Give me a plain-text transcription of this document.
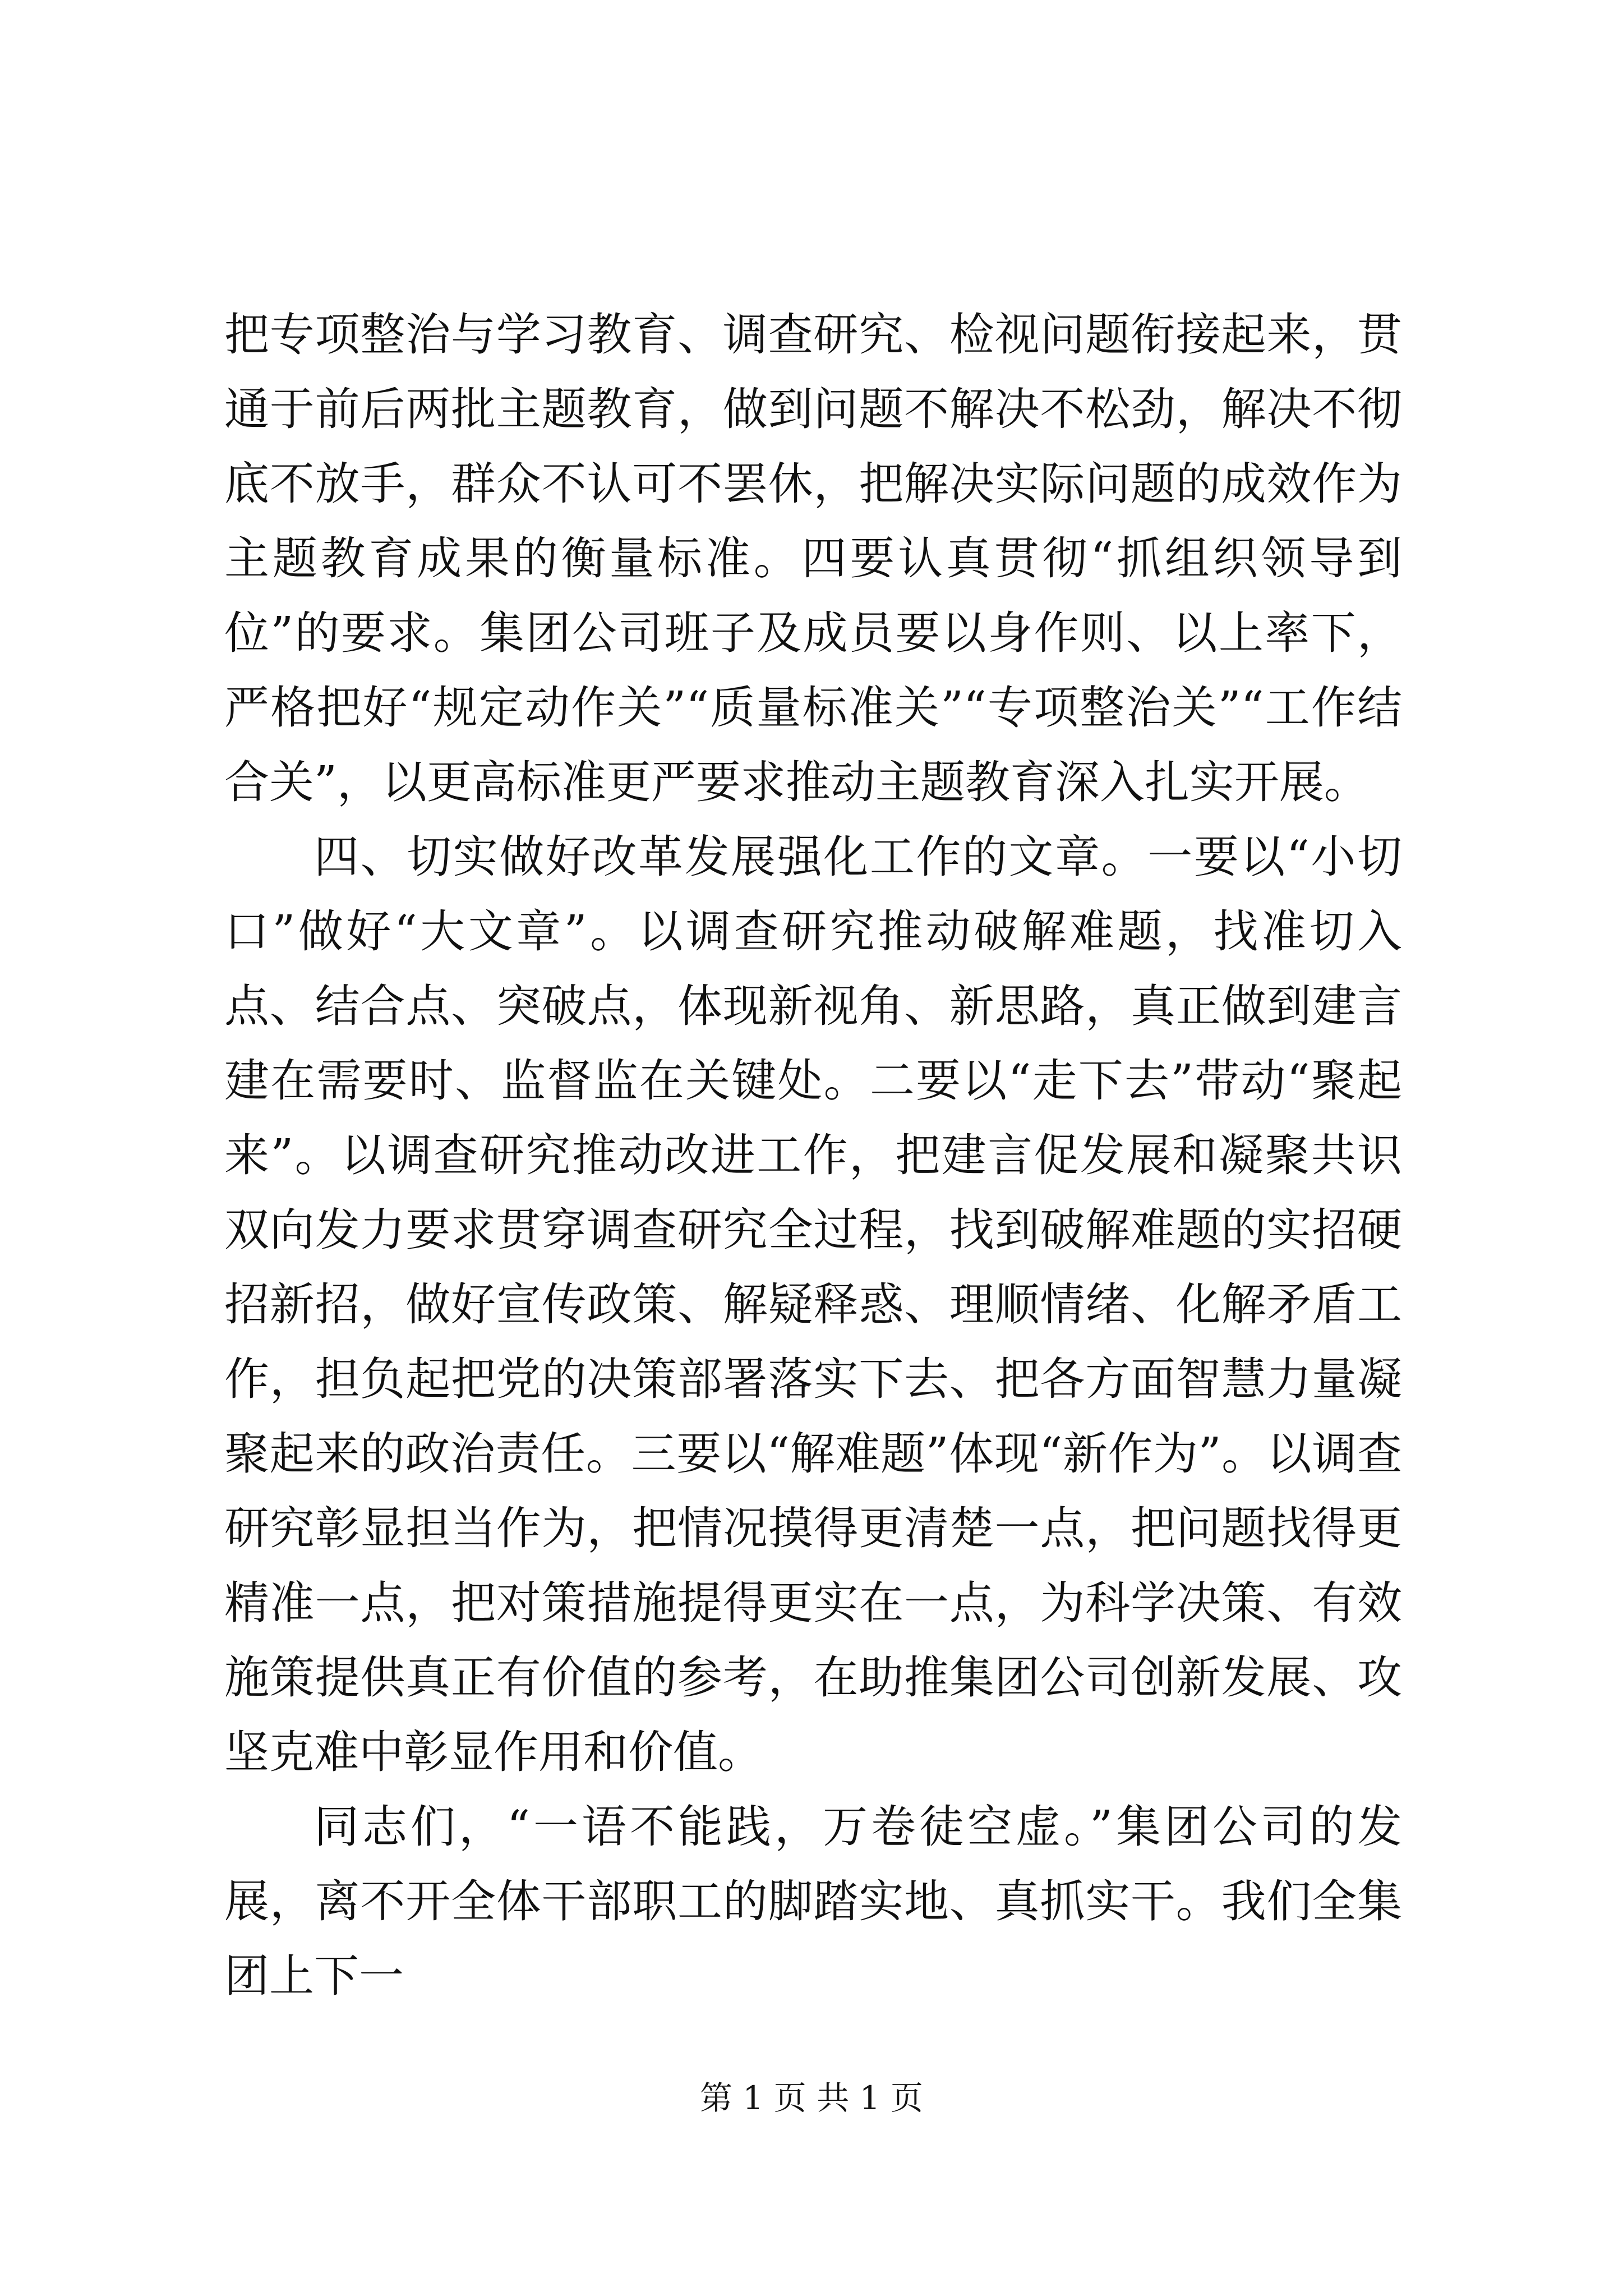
把专项整治与学习教育、调查研究、检视问题衔接起来，贯通于前后两批主题教育，做到问题不解决不松劲，解决不彻底不放手，群众不认可不罢休，把解决实际问题的成效作为主题教育成果的衡量标准。四要认真贯彻“抓组织领导到位”的要求。集团公司班子及成员要以身作则、以上率下，严格把好“规定动作关”“质量标准关”“专项整治关”“工作结合关”，以更高标准更严要求推动主题教育深入扎实开展。

四、切实做好改革发展强化工作的文章。一要以“小切口”做好“大文章”。以调查研究推动破解难题，找准切入点、结合点、突破点，体现新视角、新思路，真正做到建言建在需要时、监督监在关键处。二要以“走下去”带动“聚起来”。以调查研究推动改进工作，把建言促发展和凝聚共识双向发力要求贯穿调查研究全过程，找到破解难题的实招硬招新招，做好宣传政策、解疑释惑、理顺情绪、化解矛盾工作，担负起把党的决策部署落实下去、把各方面智慧力量凝聚起来的政治责任。三要以“解难题”体现“新作为”。以调查研究彰显担当作为，把情况摸得更清楚一点，把问题找得更精准一点，把对策措施提得更实在一点，为科学决策、有效施策提供真正有价值的参考，在助推集团公司创新发展、攻坚克难中彰显作用和价值。

同志们，“一语不能践，万卷徒空虚。”集团公司的发展，离不开全体干部职工的脚踏实地、真抓实干。我们全集团上下一

第 1 页 共 1 页
